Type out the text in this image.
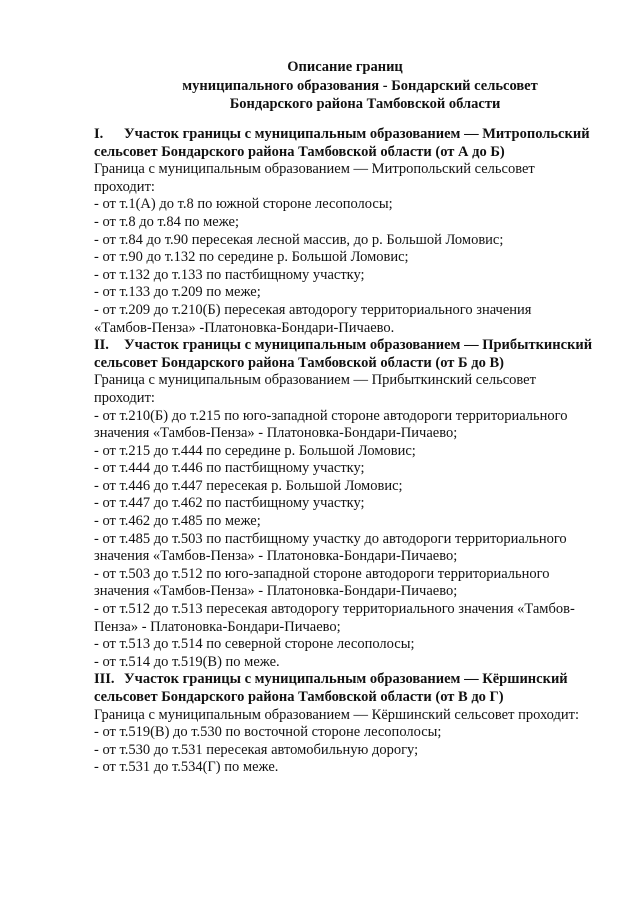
Описание границ
муниципального образования - Бондарский сельсовет
Бондарского района Тамбовской области
I. Участок границы с муниципальным образованием — Митропольский
сельсовет Бондарского района Тамбовской области (от А до Б)
Граница с муниципальным образованием — Митропольский сельсовет
проходит:
- от т.1(А) до т.8 по южной стороне лесополосы;
- от т.8 до т.84 по меже;
- от т.84 до т.90 пересекая лесной массив, до р. Большой Ломовис;
- от т.90 до т.132 по середине р. Большой Ломовис;
- от т.132 до т.133 по пастбищному участку;
- от т.133 до т.209 по меже;
- от т.209 до т.210(Б) пересекая автодорогу территориального значения
«Тамбов-Пенза» -Платоновка-Бондари-Пичаево.
II. Участок границы с муниципальным образованием — Прибыткинский
сельсовет Бондарского района Тамбовской области (от Б до В)
Граница с муниципальным образованием — Прибыткинский сельсовет
проходит:
- от т.210(Б) до т.215 по юго-западной стороне автодороги территориального
значения «Тамбов-Пенза» - Платоновка-Бондари-Пичаево;
- от т.215 до т.444 по середине р. Большой Ломовис;
- от т.444 до т.446 по пастбищному участку;
- от т.446 до т.447 пересекая р. Большой Ломовис;
- от т.447 до т.462 по пастбищному участку;
- от т.462 до т.485 по меже;
- от т.485 до т.503 по пастбищному участку до автодороги территориального
значения «Тамбов-Пенза» - Платоновка-Бондари-Пичаево;
- от т.503 до т.512 по юго-западной стороне автодороги территориального
значения «Тамбов-Пенза» - Платоновка-Бондари-Пичаево;
- от т.512 до т.513 пересекая автодорогу территориального значения «Тамбов-
Пенза» - Платоновка-Бондари-Пичаево;
- от т.513 до т.514 по северной стороне лесополосы;
- от т.514 до т.519(В) по меже.
III. Участок границы с муниципальным образованием — Кёршинский
сельсовет Бондарского района Тамбовской области (от В до Г)
Граница с муниципальным образованием — Кёршинский сельсовет проходит:
- от т.519(В) до т.530 по восточной стороне лесополосы;
- от т.530 до т.531 пересекая автомобильную дорогу;
- от т.531 до т.534(Г) по меже.
